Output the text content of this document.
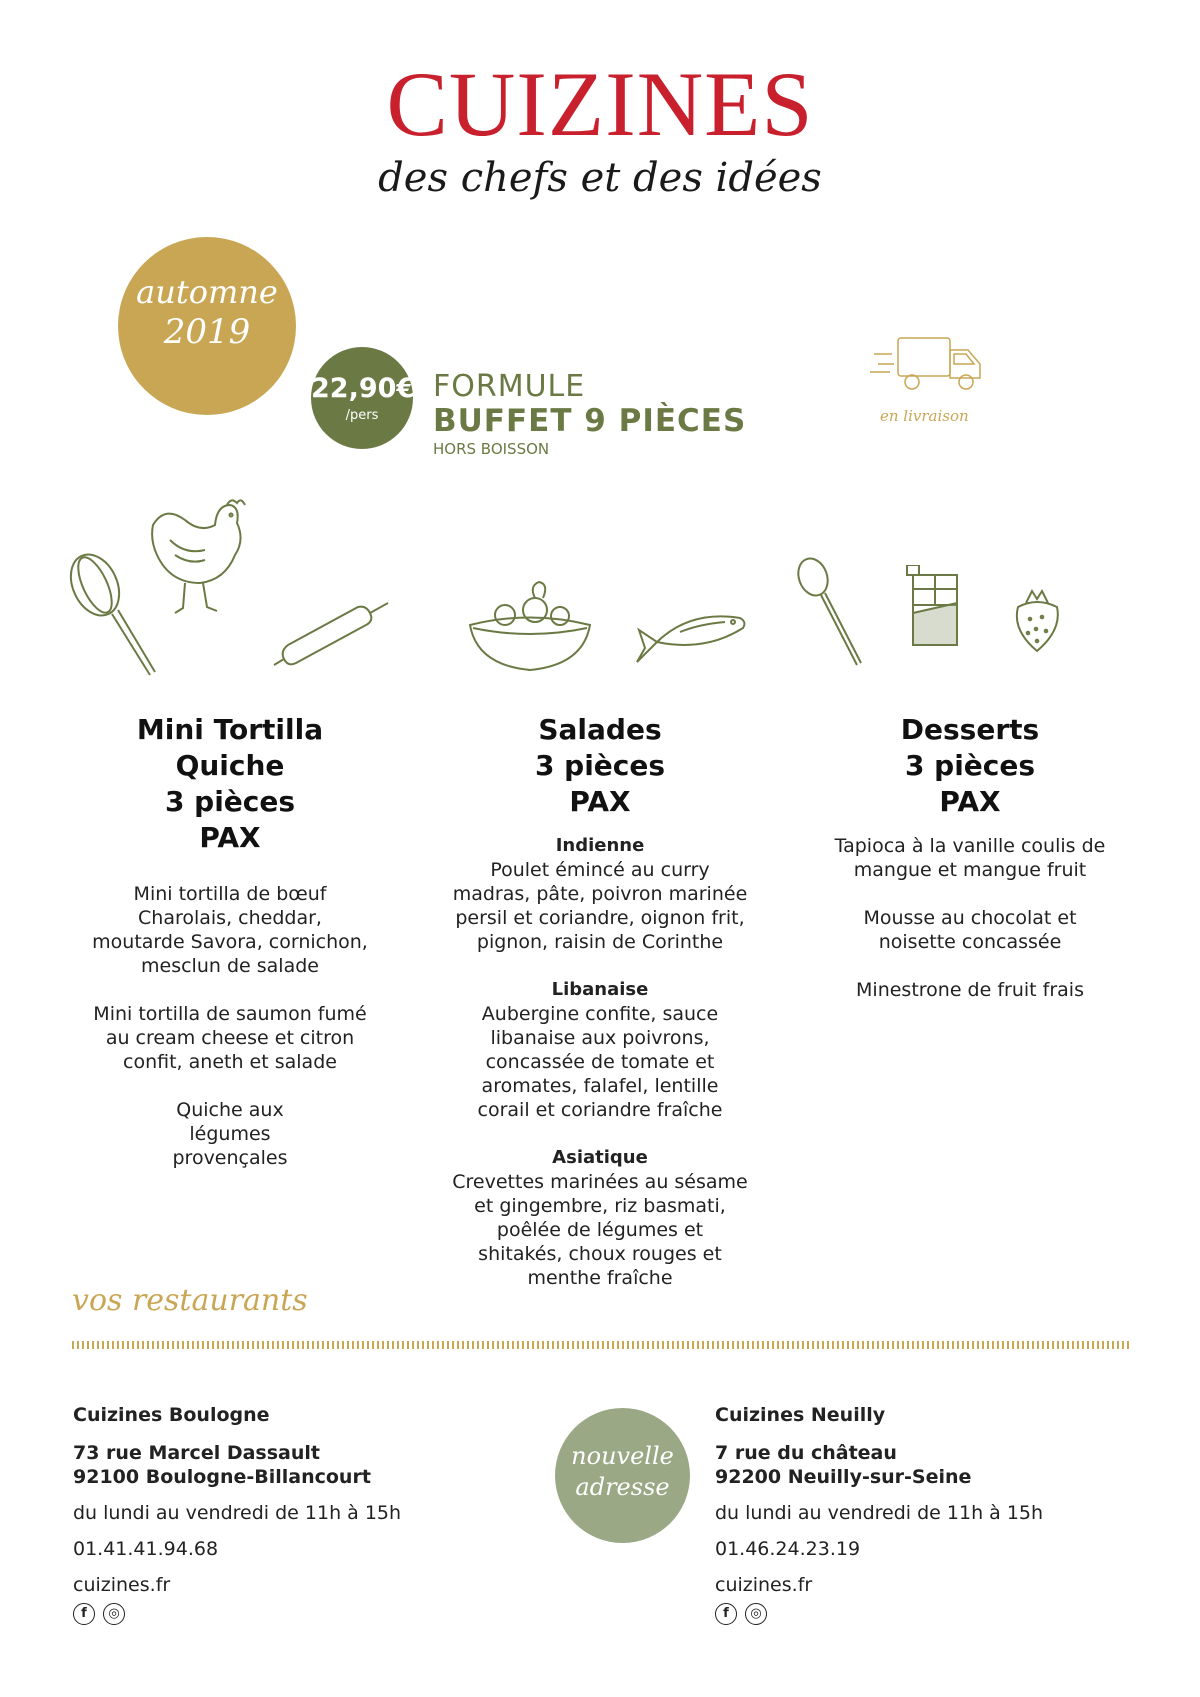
CUIZINES
des chefs et des idées
automne
2019
22,90€
/pers
FORMULE
BUFFET 9 PIÈCES
HORS BOISSON
en livraison
Mini Tortilla
Quiche
3 pièces
PAX
Mini tortilla de bœuf Charolais, cheddar, moutarde Savora, cornichon, mesclun de salade
Mini tortilla de saumon fumé au cream cheese et citron confit, aneth et salade
Quiche aux légumes provençales
Salades
3 pièces
PAX
Indienne
Poulet émincé au curry madras, pâte, poivron marinée persil et coriandre, oignon frit, pignon, raisin de Corinthe
Libanaise
Aubergine confite, sauce libanaise aux poivrons, concassée de tomate et aromates, falafel, lentille corail et coriandre fraîche
Asiatique
Crevettes marinées au sésame et gingembre, riz basmati, poêlée de légumes et shitakés, choux rouges et menthe fraîche
Desserts
3 pièces
PAX
Tapioca à la vanille coulis de mangue et mangue fruit
Mousse au chocolat et noisette concassée
Minestrone de fruit frais
vos restaurants
Cuizines Boulogne
73 rue Marcel Dassault
92100 Boulogne-Billancourt
du lundi au vendredi de 11h à 15h
01.41.41.94.68
cuizines.fr
f	◎
nouvelle
adresse
Cuizines Neuilly
7 rue du château
92200 Neuilly-sur-Seine
du lundi au vendredi de 11h à 15h
01.46.24.23.19
cuizines.fr
f	◎
